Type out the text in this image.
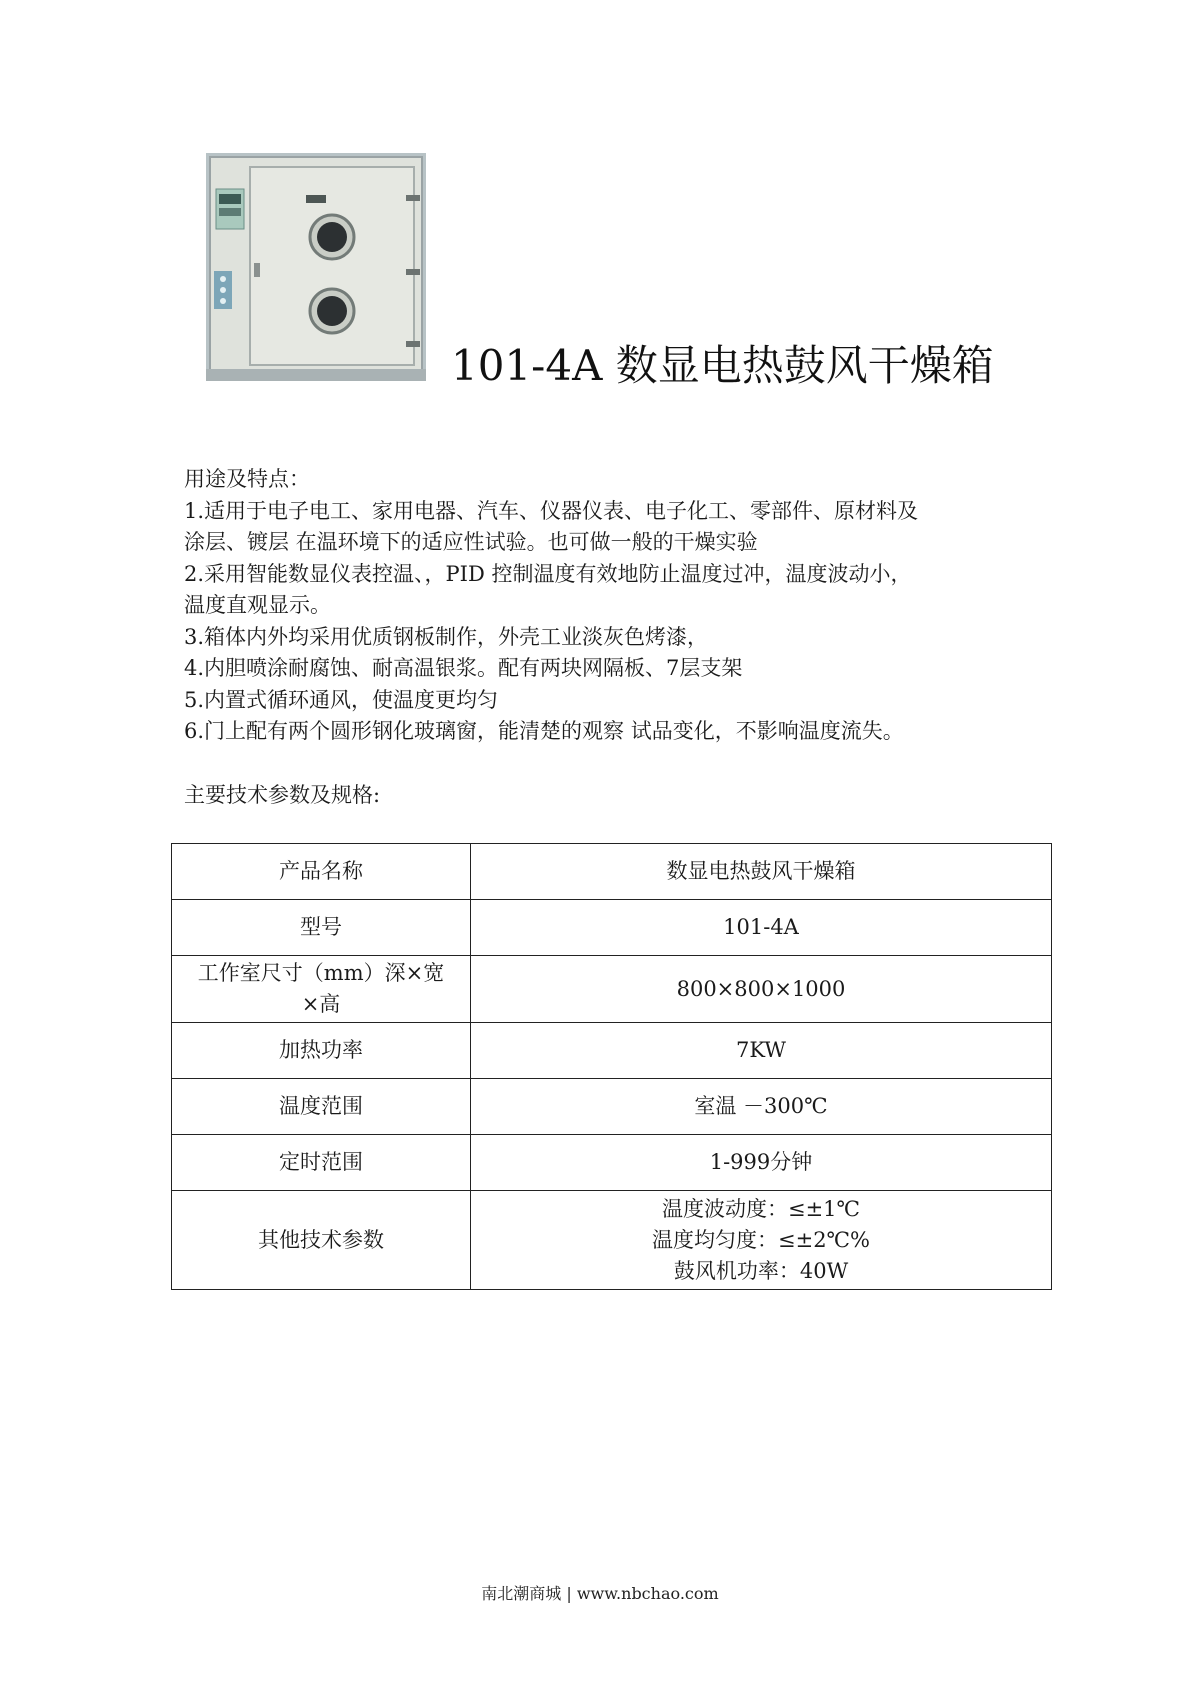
101-4A 数显电热鼓风干燥箱
用途及特点：
1.适用于电子电工、家用电器、汽车、仪器仪表、电子化工、零部件、原材料及
涂层、镀层 在温环境下的适应性试验。也可做一般的干燥实验
2.采用智能数显仪表控温、，PID 控制温度有效地防止温度过冲，温度波动小，
温度直观显示。
3.箱体内外均采用优质钢板制作，外壳工业淡灰色烤漆，
4.内胆喷涂耐腐蚀、耐高温银浆。配有两块网隔板、7层支架
5.内置式循环通风，使温度更均匀
6.门上配有两个圆形钢化玻璃窗，能清楚的观察 试品变化，不影响温度流失。
主要技术参数及规格:
产品名称	数显电热鼓风干燥箱
型号	101-4A

工作室尺寸（mm）深×宽
×高	800×800×1000
加热功率	7KW
温度范围	室温 －300℃
定时范围	1-999分钟
其他技术参数	温度波动度：≤±1℃
温度均匀度：≤±2℃%
鼓风机功率：40W
南北潮商城 | www.nbchao.com
